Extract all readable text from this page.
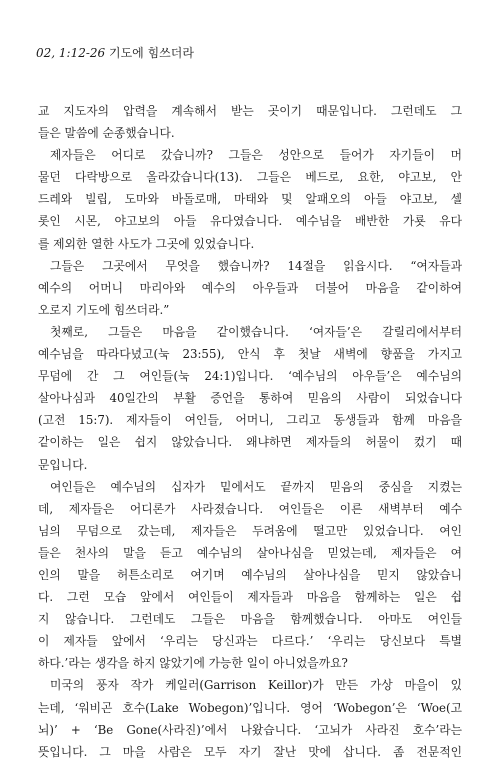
02, 1:12-26 기도에 힘쓰더라
교 지도자의 압력을 계속해서 받는 곳이기 때문입니다. 그런데도 그
들은 말씀에 순종했습니다.
제자들은 어디로 갔습니까? 그들은 성안으로 들어가 자기들이 머
물던 다락방으로 올라갔습니다(13). 그들은 베드로, 요한, 야고보, 안
드레와 빌립, 도마와 바돌로매, 마태와 및 알패오의 아들 야고보, 셀
롯인 시몬, 야고보의 아들 유다였습니다. 예수님을 배반한 가룟 유다
를 제외한 열한 사도가 그곳에 있었습니다.
그들은 그곳에서 무엇을 했습니까? 14절을 읽읍시다. “여자들과
예수의 어머니 마리아와 예수의 아우들과 더불어 마음을 같이하여
오로지 기도에 힘쓰더라.”
첫째로, 그들은 마음을 같이했습니다. ‘여자들’은 갈릴리에서부터
예수님을 따라다녔고(눅 23:55), 안식 후 첫날 새벽에 향품을 가지고
무덤에 간 그 여인들(눅 24:1)입니다. ‘예수님의 아우들’은 예수님의
살아나심과 40일간의 부활 증언을 통하여 믿음의 사람이 되었습니다
(고전 15:7). 제자들이 여인들, 어머니, 그리고 동생들과 함께 마음을
같이하는 일은 쉽지 않았습니다. 왜냐하면 제자들의 허물이 컸기 때
문입니다.
여인들은 예수님의 십자가 밑에서도 끝까지 믿음의 중심을 지켰는
데, 제자들은 어디론가 사라졌습니다. 여인들은 이른 새벽부터 예수
님의 무덤으로 갔는데, 제자들은 두려움에 떨고만 있었습니다. 여인
들은 천사의 말을 듣고 예수님의 살아나심을 믿었는데, 제자들은 여
인의 말을 허튼소리로 여기며 예수님의 살아나심을 믿지 않았습니
다. 그런 모습 앞에서 여인들이 제자들과 마음을 함께하는 일은 쉽
지 않습니다. 그런데도 그들은 마음을 함께했습니다. 아마도 여인들
이 제자들 앞에서 ‘우리는 당신과는 다르다.’ ‘우리는 당신보다 특별
하다.’라는 생각을 하지 않았기에 가능한 일이 아니었을까요?
미국의 풍자 작가 케일러(Garrison Keillor)가 만든 가상 마을이 있
는데, ‘워비곤 호수(Lake Wobegon)’입니다. 영어 ‘Wobegon’은 ‘Woe(고
뇌)’ + ‘Be Gone(사라진)’에서 나왔습니다. ‘고뇌가 사라진 호수’라는
뜻입니다. 그 마을 사람은 모두 자기 잘난 맛에 삽니다. 좀 전문적인
